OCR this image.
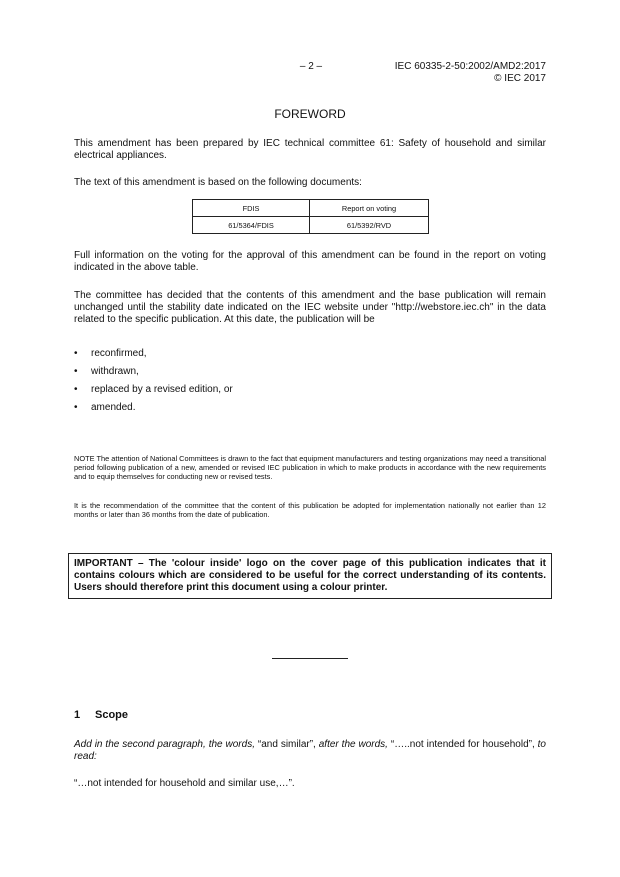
– 2 –	IEC 60335-2-50:2002/AMD2:2017
© IEC 2017
FOREWORD
This amendment has been prepared by IEC technical committee 61: Safety of household and similar electrical appliances.
The text of this amendment is based on the following documents:
FDIS	Report on voting
61/5364/FDIS	61/5392/RVD
Full information on the voting for the approval of this amendment can be found in the report on voting indicated in the above table.
The committee has decided that the contents of this amendment and the base publication will remain unchanged until the stability date indicated on the IEC website under "http://webstore.iec.ch" in the data related to the specific publication. At this date, the publication will be
• reconfirmed,
• withdrawn,
• replaced by a revised edition, or
• amended.
NOTE The attention of National Committees is drawn to the fact that equipment manufacturers and testing organizations may need a transitional period following publication of a new, amended or revised IEC publication in which to make products in accordance with the new requirements and to equip themselves for conducting new or revised tests.
It is the recommendation of the committee that the content of this publication be adopted for implementation nationally not earlier than 12 months or later than 36 months from the date of publication.
IMPORTANT – The 'colour inside' logo on the cover page of this publication indicates that it contains colours which are considered to be useful for the correct understanding of its contents. Users should therefore print this document using a colour printer.
1 Scope
Add in the second paragraph, the words, “and similar”, after the words, “…..not intended for household”, to read:
“…not intended for household and similar use,…”.
